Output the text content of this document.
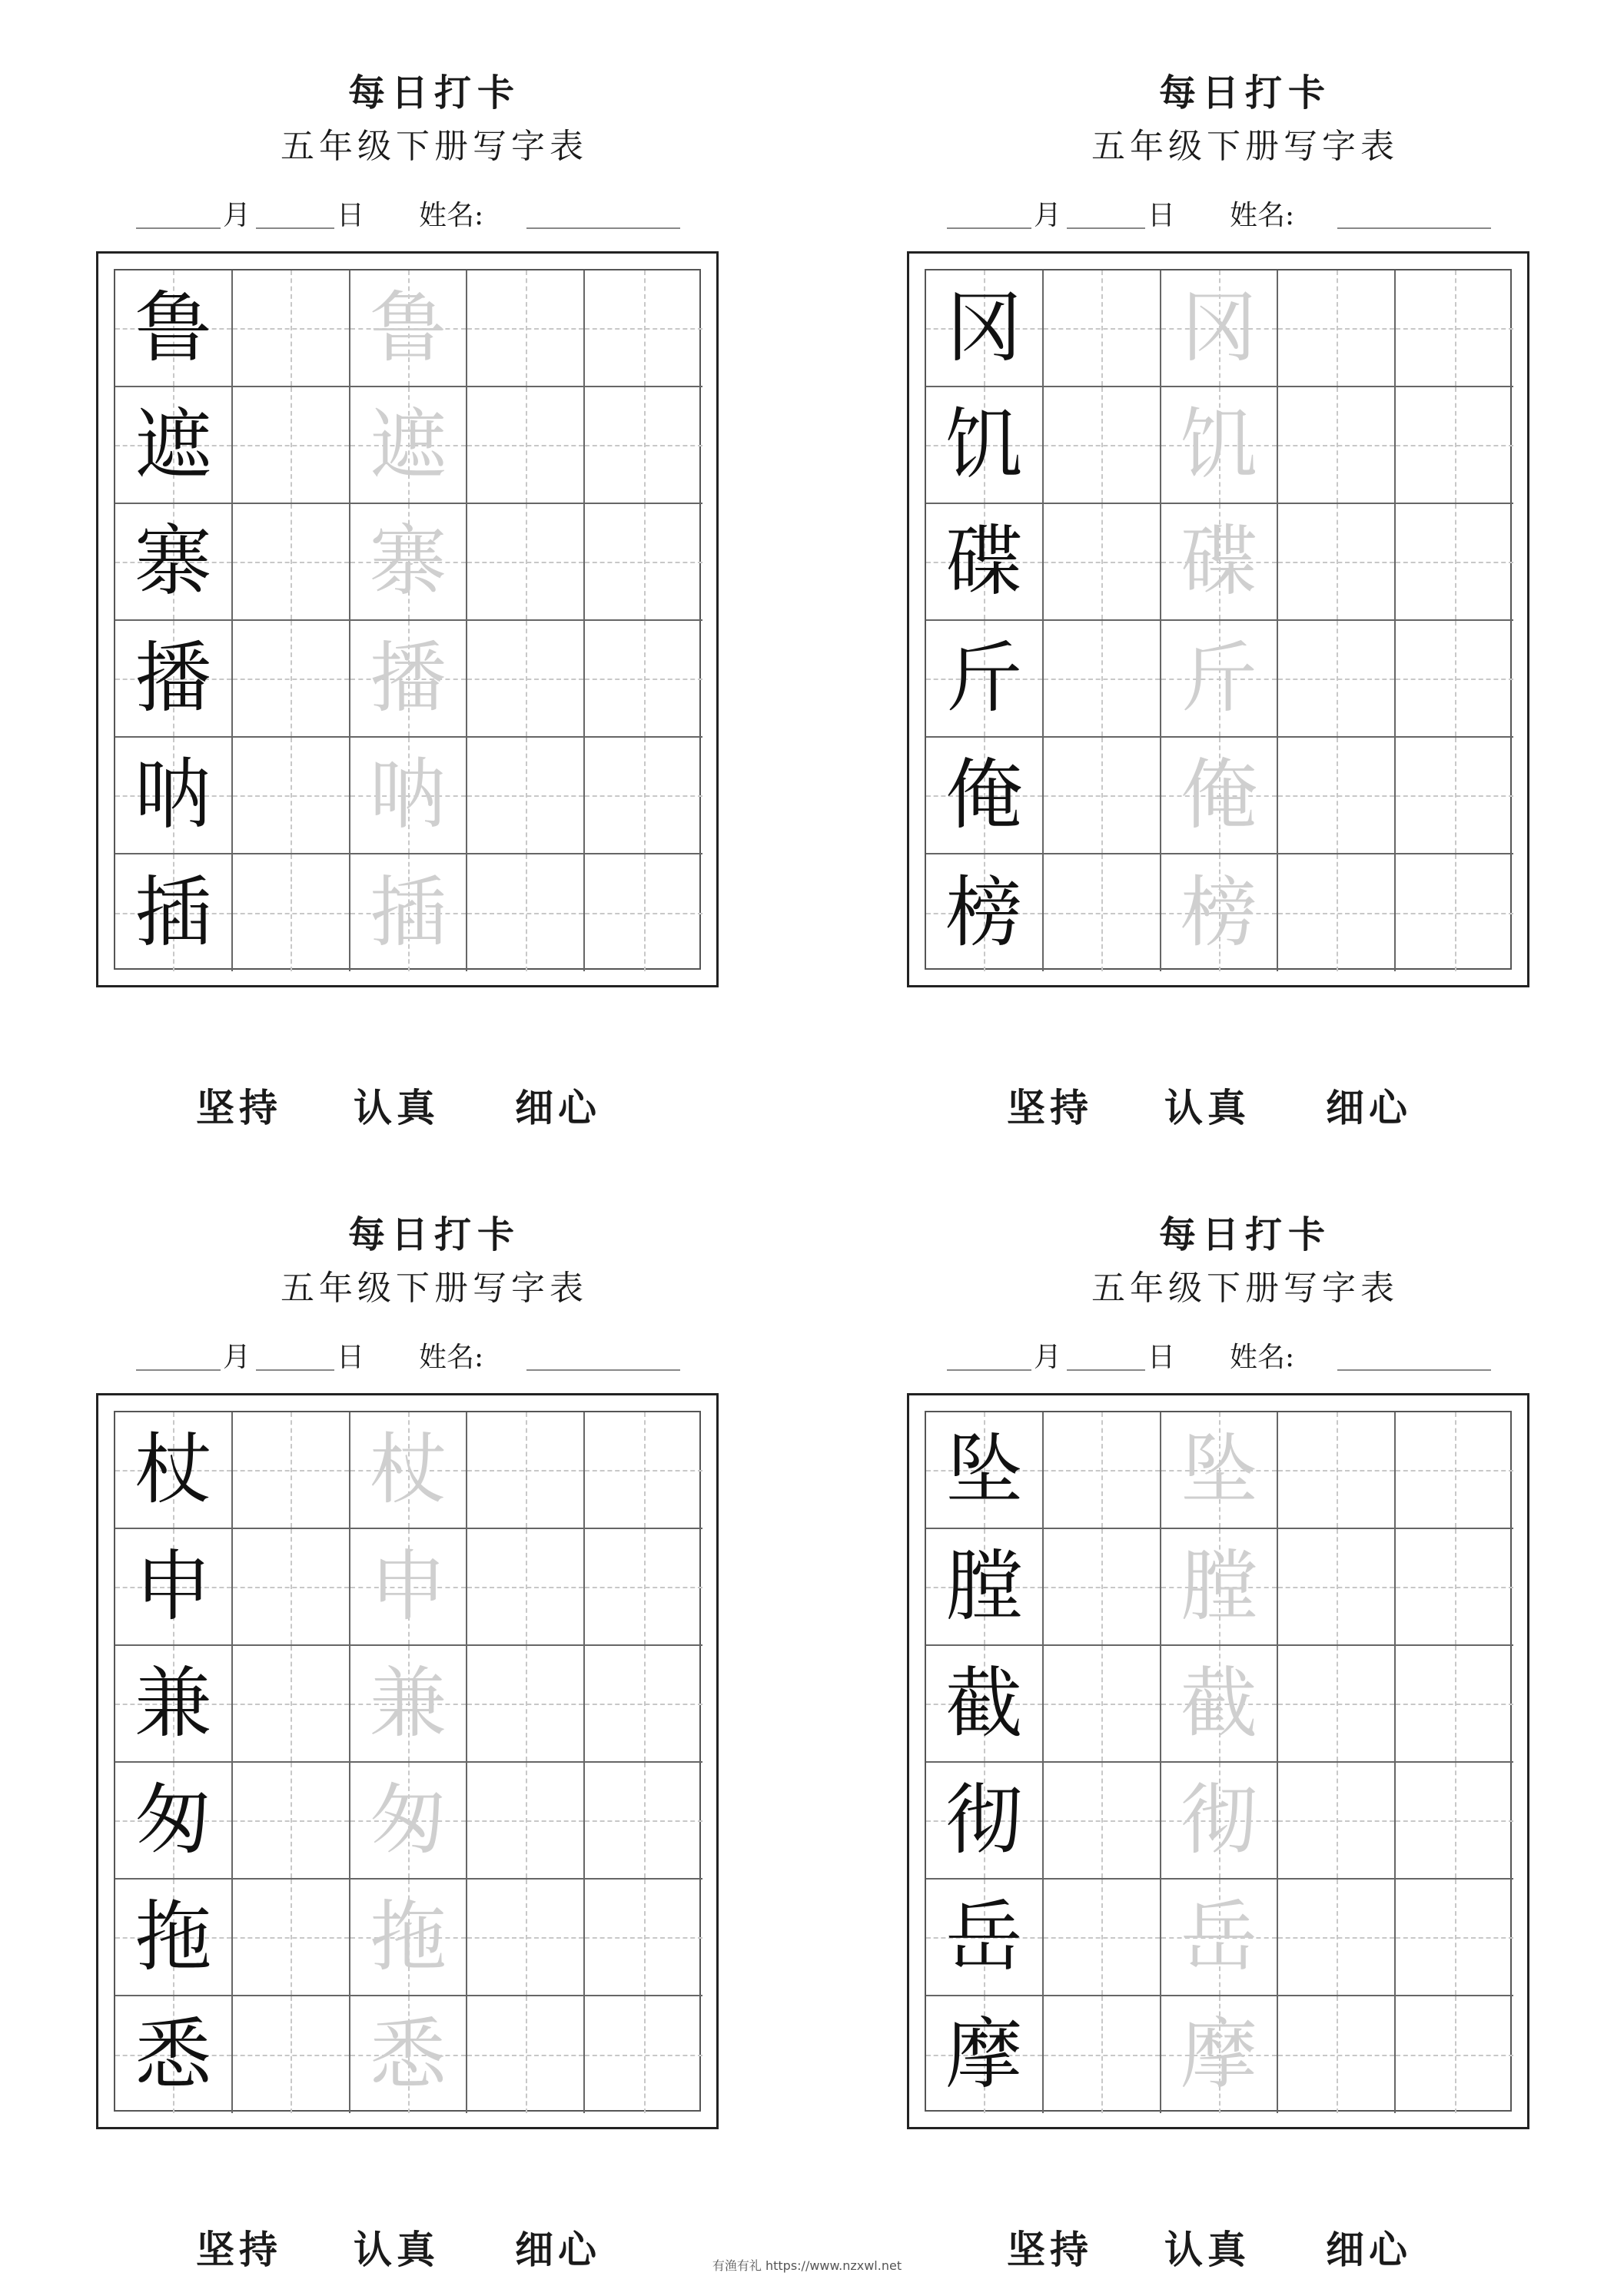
每日打卡
五年级下册写字表
月	日 姓名:
鲁 鲁
遮 遮
寨 寨
播 播
呐 呐
插 插
坚持 认真 细心
每日打卡
五年级下册写字表
月	日 姓名:
冈 冈
饥 饥
碟 碟
斤 斤
俺 俺
榜 榜
坚持 认真 细心
每日打卡
五年级下册写字表
月	日 姓名:
杖 杖
申 申
兼 兼
匆 匆
拖 拖
悉 悉
坚持 认真 细心
每日打卡
五年级下册写字表
月	日 姓名:
坠 坠
膛 膛
截 截
彻 彻
岳 岳
摩 摩
坚持 认真 细心
有渔有礼 https://www.nzxwl.net
